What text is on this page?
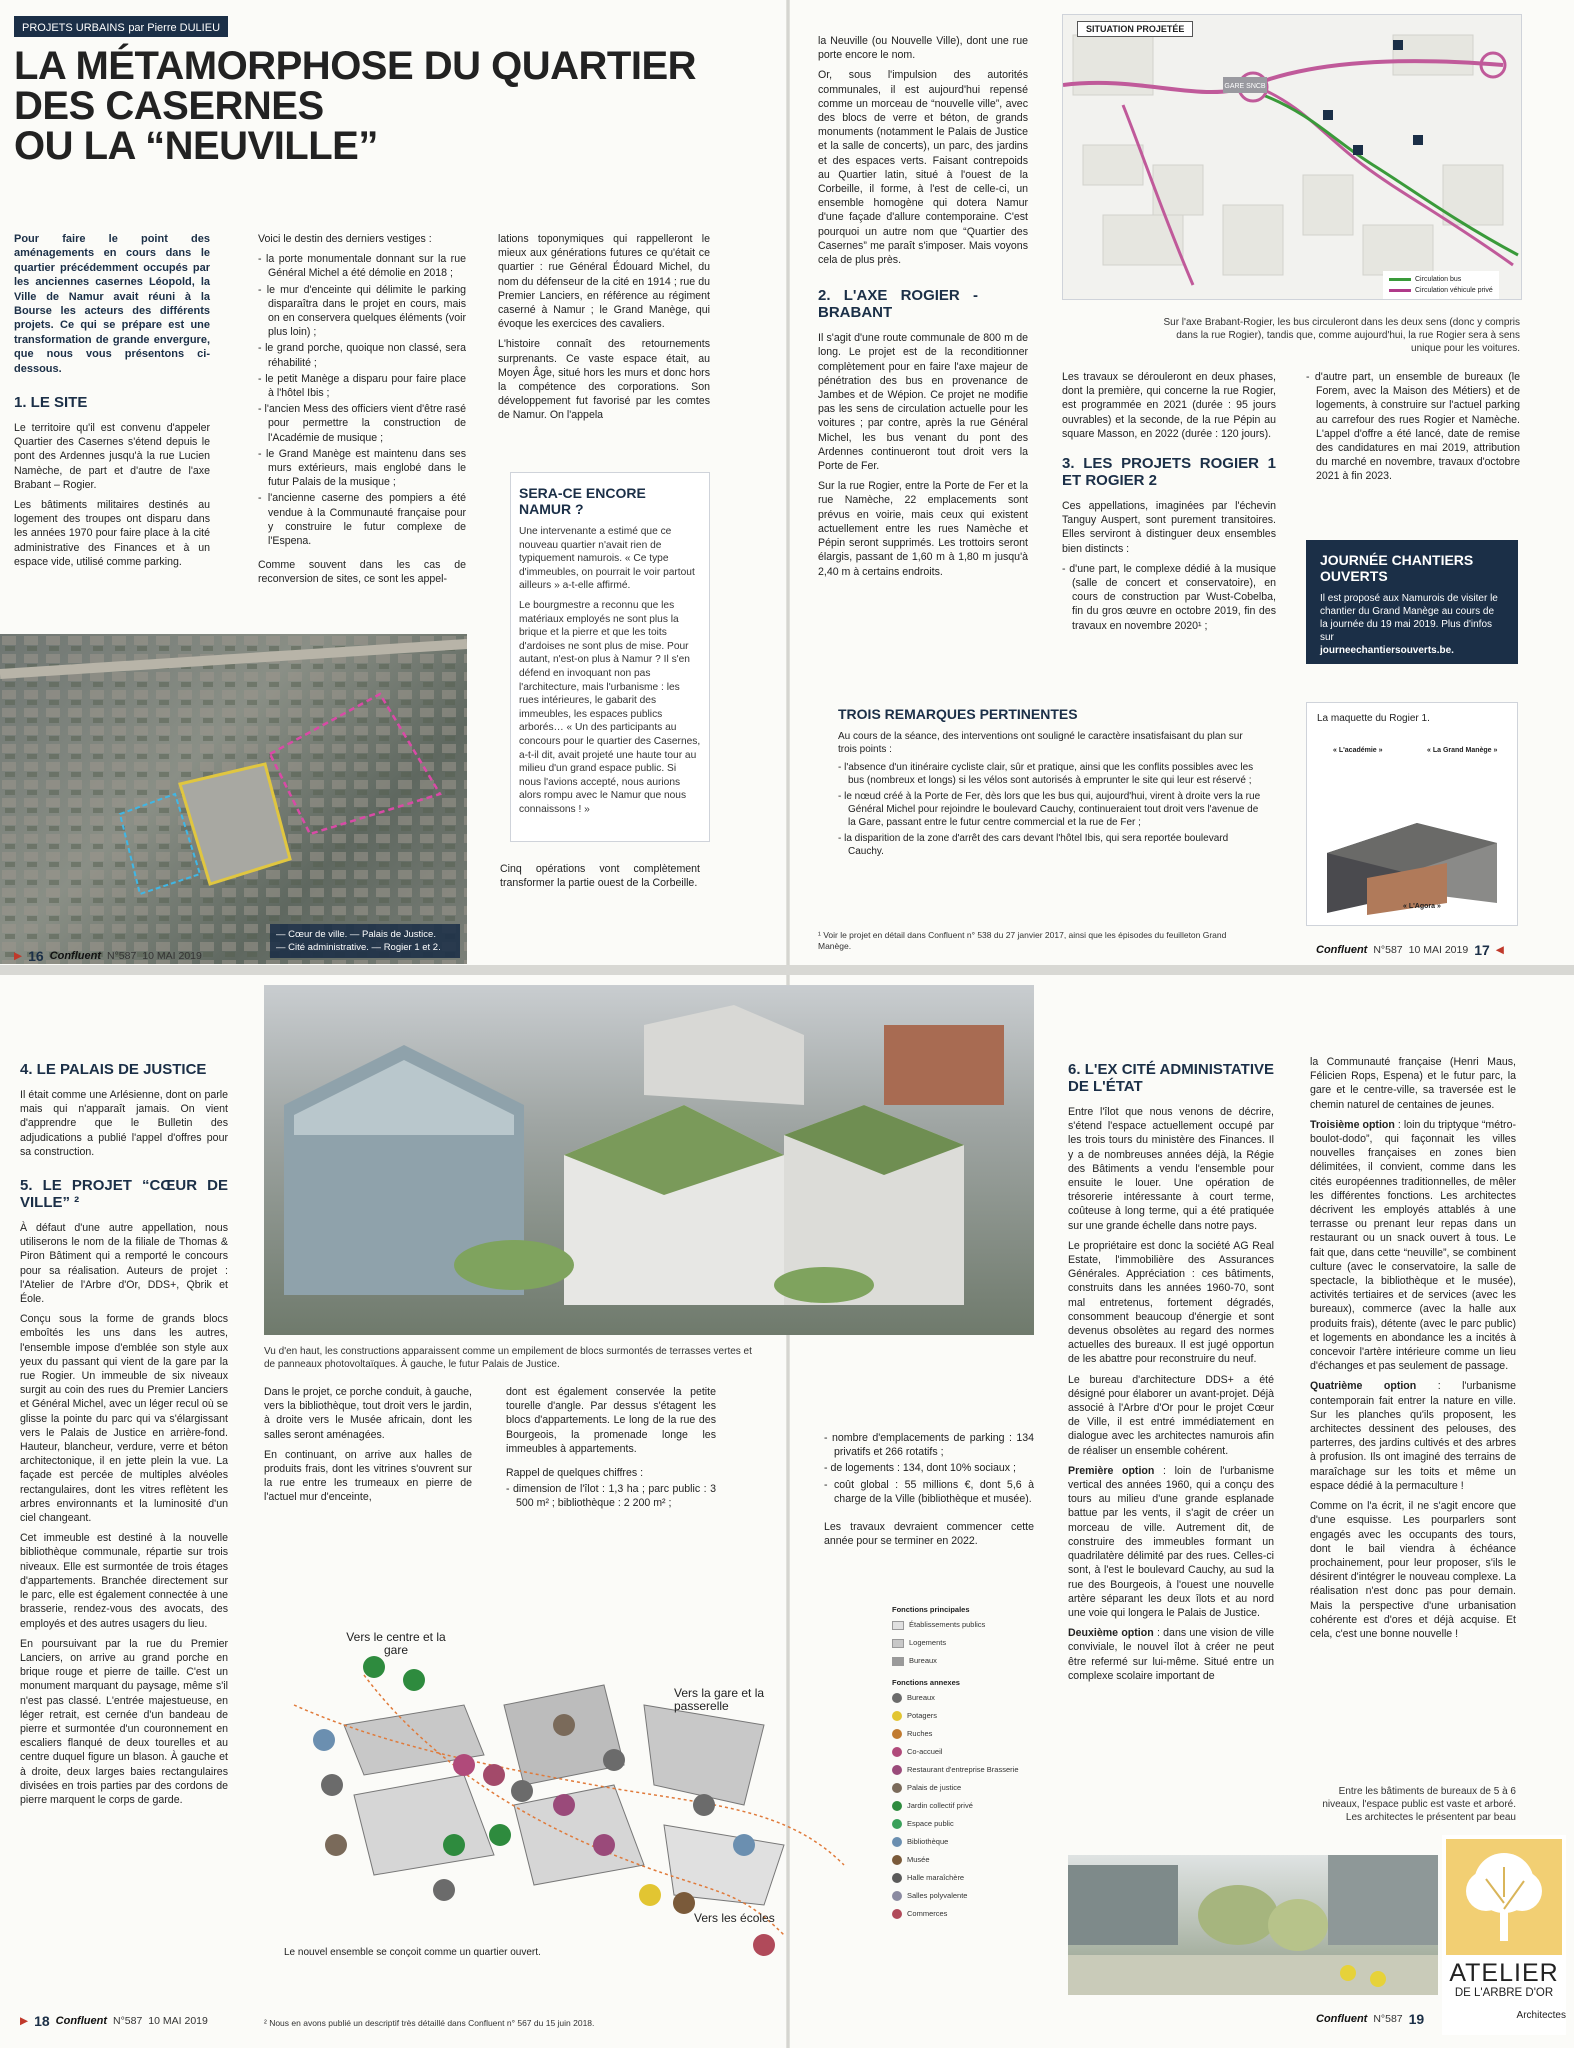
PROJETS URBAINS par Pierre DULIEU
LA MÉTAMORPHOSE DU QUARTIER
DES CASERNES
OU LA “NEUVILLE”

Pour faire le point des aménagements en cours dans le quartier précédemment occupés par les anciennes casernes Léopold, la Ville de Namur avait réuni à la Bourse les acteurs des différents projets. Ce qui se prépare est une transformation de grande envergure, que nous vous présentons ci-dessous.

1. LE SITE

Le territoire qu'il est convenu d'appeler Quartier des Casernes s'étend depuis le pont des Ardennes jusqu'à la rue Lucien Namèche, de part et d'autre de l'axe Brabant – Rogier.

Les bâtiments militaires destinés au logement des troupes ont disparu dans les années 1970 pour faire place à la cité administrative des Finances et à un espace vide, utilisé comme parking.

Voici le destin des derniers vestiges :

- la porte monumentale donnant sur la rue Général Michel a été démolie en 2018 ;
- le mur d'enceinte qui délimite le parking disparaîtra dans le projet en cours, mais on en conservera quelques éléments (voir plus loin) ;
- le grand porche, quoique non classé, sera réhabilité ;
- le petit Manège a disparu pour faire place à l'hôtel Ibis ;
- l'ancien Mess des officiers vient d'être rasé pour permettre la construction de l'Académie de musique ;
- le Grand Manège est maintenu dans ses murs extérieurs, mais englobé dans le futur Palais de la musique ;
- l'ancienne caserne des pompiers a été vendue à la Communauté française pour y construire le futur complexe de l'Espena.

Comme souvent dans les cas de reconversion de sites, ce sont les appel-

lations toponymiques qui rappelleront le mieux aux générations futures ce qu'était ce quartier : rue Général Édouard Michel, du nom du défenseur de la cité en 1914 ; rue du Premier Lanciers, en référence au régiment caserné à Namur ; le Grand Manège, qui évoque les exercices des cavaliers.

L'histoire connaît des retournements surprenants. Ce vaste espace était, au Moyen Âge, situé hors les murs et donc hors la compétence des corporations. Son développement fut favorisé par les comtes de Namur. On l'appela

SERA-CE ENCORE NAMUR ?

Une intervenante a estimé que ce nouveau quartier n'avait rien de typiquement namurois. « Ce type d'immeubles, on pourrait le voir partout ailleurs » a-t-elle affirmé.

Le bourgmestre a reconnu que les matériaux employés ne sont plus la brique et la pierre et que les toits d'ardoises ne sont plus de mise. Pour autant, n'est-on plus à Namur ? Il s'en défend en invoquant non pas l'architecture, mais l'urbanisme : les rues intérieures, le gabarit des immeubles, les espaces publics arborés… « Un des participants au concours pour le quartier des Casernes, a-t-il dit, avait projeté une haute tour au milieu d'un grand espace public. Si nous l'avions accepté, nous aurions alors rompu avec le Namur que nous connaissons ! »

Cinq opérations vont complètement transformer la partie ouest de la Corbeille.

— Cœur de ville. — Palais de Justice.
— Cité administrative. — Rogier 1 et 2.
▶ 16 Confluent N°587 10 MAI 2019

la Neuville (ou Nouvelle Ville), dont une rue porte encore le nom.

Or, sous l'impulsion des autorités communales, il est aujourd'hui repensé comme un morceau de “nouvelle ville”, avec des blocs de verre et béton, de grands monuments (notamment le Palais de Justice et la salle de concerts), un parc, des jardins et des espaces verts. Faisant contrepoids au Quartier latin, situé à l'ouest de la Corbeille, il forme, à l'est de celle-ci, un ensemble homogène qui dotera Namur d'une façade d'allure contemporaine. C'est pourquoi un autre nom que “Quartier des Casernes” me paraît s'imposer. Mais voyons cela de plus près.

2. L'AXE ROGIER - BRABANT

Il s'agit d'une route communale de 800 m de long. Le projet est de la reconditionner complètement pour en faire l'axe majeur de pénétration des bus en provenance de Jambes et de Wépion. Ce projet ne modifie pas les sens de circulation actuelle pour les voitures ; par contre, après la rue Général Michel, les bus venant du pont des Ardennes continueront tout droit vers la Porte de Fer.

Sur la rue Rogier, entre la Porte de Fer et la rue Namèche, 22 emplacements sont prévus en voirie, mais ceux qui existent actuellement entre les rues Namèche et Pépin seront supprimés. Les trottoirs seront élargis, passant de 1,60 m à 1,80 m jusqu'à 2,40 m à certains endroits.

GARE SNCB
SITUATION PROJETÉE
Circulation bus
Circulation véhicule privé
Sur l'axe Brabant-Rogier, les bus circuleront dans les deux sens (donc y compris dans la rue Rogier), tandis que, comme aujourd'hui, la rue Rogier sera à sens unique pour les voitures.

Les travaux se dérouleront en deux phases, dont la première, qui concerne la rue Rogier, est programmée en 2021 (durée : 95 jours ouvrables) et la seconde, de la rue Pépin au square Masson, en 2022 (durée : 120 jours).

3. LES PROJETS ROGIER 1 ET ROGIER 2

Ces appellations, imaginées par l'échevin Tanguy Auspert, sont purement transitoires. Elles serviront à distinguer deux ensembles bien distincts :

- d'une part, le complexe dédié à la musique (salle de concert et conservatoire), en cours de construction par Wust-Cobelba, fin du gros œuvre en octobre 2019, fin des travaux en novembre 2020¹ ;
- d'autre part, un ensemble de bureaux (le Forem, avec la Maison des Métiers) et de logements, à construire sur l'actuel parking au carrefour des rues Rogier et Namèche. L'appel d'offre a été lancé, date de remise des candidatures en mai 2019, attribution du marché en novembre, travaux d'octobre 2021 à fin 2023.
JOURNÉE CHANTIERS OUVERTS
Il est proposé aux Namurois de visiter le chantier du Grand Manège au cours de la journée du 19 mai 2019. Plus d'infos sur
journeechantiersouverts.be.
TROIS REMARQUES PERTINENTES

Au cours de la séance, des interventions ont souligné le caractère insatisfaisant du plan sur trois points :

- l'absence d'un itinéraire cycliste clair, sûr et pratique, ainsi que les conflits possibles avec les bus (nombreux et longs) si les vélos sont autorisés à emprunter le site qui leur est réservé ;
- le nœud créé à la Porte de Fer, dès lors que les bus qui, aujourd'hui, virent à droite vers la rue Général Michel pour rejoindre le boulevard Cauchy, continueraient tout droit vers l'avenue de la Gare, passant entre le futur centre commercial et la rue de Fer ;
- la disparition de la zone d'arrêt des cars devant l'hôtel Ibis, qui sera reportée boulevard Cauchy.
La maquette du Rogier 1.
« L'académie »	« La Grand Manège »
« L'Agora »
¹ Voir le projet en détail dans Confluent n° 538 du 27 janvier 2017, ainsi que les épisodes du feuilleton Grand Manège.	Confluent N°587 10 MAI 2019 17 ◀
4. LE PALAIS DE JUSTICE

Il était comme une Arlésienne, dont on parle mais qui n'apparaît jamais. On vient d'apprendre que le Bulletin des adjudications a publié l'appel d'offres pour sa construction.

5. LE PROJET “CŒUR DE VILLE” ²

À défaut d'une autre appellation, nous utiliserons le nom de la filiale de Thomas & Piron Bâtiment qui a remporté le concours pour sa réalisation. Auteurs de projet : l'Atelier de l'Arbre d'Or, DDS+, Qbrik et Éole.

Conçu sous la forme de grands blocs emboîtés les uns dans les autres, l'ensemble impose d'emblée son style aux yeux du passant qui vient de la gare par la rue Rogier. Un immeuble de six niveaux surgit au coin des rues du Premier Lanciers et Général Michel, avec un léger recul où se glisse la pointe du parc qui va s'élargissant vers le Palais de Justice en arrière-fond. Hauteur, blancheur, verdure, verre et béton architectonique, il en jette plein la vue. La façade est percée de multiples alvéoles rectangulaires, dont les vitres reflètent les arbres environnants et la luminosité d'un ciel changeant.

Cet immeuble est destiné à la nouvelle bibliothèque communale, répartie sur trois niveaux. Elle est surmontée de trois étages d'appartements. Branchée directement sur le parc, elle est également connectée à une brasserie, rendez-vous des avocats, des employés et des autres usagers du lieu.

En poursuivant par la rue du Premier Lanciers, on arrive au grand porche en brique rouge et pierre de taille. C'est un monument marquant du paysage, même s'il n'est pas classé. L'entrée majestueuse, en léger retrait, est cernée d'un bandeau de pierre et surmontée d'un couronnement en escaliers flanqué de deux tourelles et au centre duquel figure un blason. À gauche et à droite, deux larges baies rectangulaires divisées en trois parties par des cordons de pierre marquent le corps de garde.

Vu d'en haut, les constructions apparaissent comme un empilement de blocs surmontés de terrasses vertes et de panneaux photovoltaïques. À gauche, le futur Palais de Justice.

Dans le projet, ce porche conduit, à gauche, vers la bibliothèque, tout droit vers le jardin, à droite vers le Musée africain, dont les salles seront aménagées.

En continuant, on arrive aux halles de produits frais, dont les vitrines s'ouvrent sur la rue entre les trumeaux en pierre de l'actuel mur d'enceinte,

dont est également conservée la petite tourelle d'angle. Par dessus s'étagent les blocs d'appartements. Le long de la rue des Bourgeois, la promenade longe les immeubles à appartements.

Rappel de quelques chiffres :

- dimension de l'îlot : 1,3 ha ; parc public : 3 500 m² ; bibliothèque : 2 200 m² ;
- nombre d'emplacements de parking : 134 privatifs et 266 rotatifs ;
- de logements : 134, dont 10% sociaux ;
- coût global : 55 millions €, dont 5,6 à charge de la Ville (bibliothèque et musée).

Les travaux devraient commencer cette année pour se terminer en 2022.

Vers le centre et la gare
Vers la gare et la passerelle
Vers les écoles
Le nouvel ensemble se conçoit comme un quartier ouvert.
Fonctions principales
Établissements publics
Logements
Bureaux
Fonctions annexes
Bureaux
Potagers
Ruches
Co-accueil
Restaurant d'entreprise Brasserie
Palais de justice
Jardin collectif privé
Espace public
Bibliothèque
Musée
Halle maraîchère
Salles polyvalente
Commerces
² Nous en avons publié un descriptif très détaillé dans Confluent n° 567 du 15 juin 2018.
▶ 18 Confluent N°587 10 MAI 2019
6. L'EX CITÉ ADMINISTATIVE DE L'ÉTAT

Entre l'îlot que nous venons de décrire, s'étend l'espace actuellement occupé par les trois tours du ministère des Finances. Il y a de nombreuses années déjà, la Régie des Bâtiments a vendu l'ensemble pour ensuite le louer. Une opération de trésorerie intéressante à court terme, coûteuse à long terme, qui a été pratiquée sur une grande échelle dans notre pays.

Le propriétaire est donc la société AG Real Estate, l'immobilière des Assurances Générales. Appréciation : ces bâtiments, construits dans les années 1960-70, sont mal entretenus, fortement dégradés, consomment beaucoup d'énergie et sont devenus obsolètes au regard des normes actuelles des bureaux. Il est jugé opportun de les abattre pour reconstruire du neuf.

Le bureau d'architecture DDS+ a été désigné pour élaborer un avant-projet. Déjà associé à l'Arbre d'Or pour le projet Cœur de Ville, il est entré immédiatement en dialogue avec les architectes namurois afin de réaliser un ensemble cohérent.

Première option : loin de l'urbanisme vertical des années 1960, qui a conçu des tours au milieu d'une grande esplanade battue par les vents, il s'agit de créer un morceau de ville. Autrement dit, de construire des immeubles formant un quadrilatère délimité par des rues. Celles-ci sont, à l'est le boulevard Cauchy, au sud la rue des Bourgeois, à l'ouest une nouvelle artère séparant les deux îlots et au nord une voie qui longera le Palais de Justice.

Deuxième option : dans une vision de ville conviviale, le nouvel îlot à créer ne peut être refermé sur lui-même. Situé entre un complexe scolaire important de

la Communauté française (Henri Maus, Félicien Rops, Espena) et le futur parc, la gare et le centre-ville, sa traversée est le chemin naturel de centaines de jeunes.

Troisième option : loin du triptyque “métro-boulot-dodo”, qui façonnait les villes nouvelles françaises en zones bien délimitées, il convient, comme dans les cités européennes traditionnelles, de mêler les différentes fonctions. Les architectes décrivent les employés attablés à une terrasse ou prenant leur repas dans un restaurant ou un snack ouvert à tous. Le fait que, dans cette “neuville”, se combinent culture (avec le conservatoire, la salle de spectacle, la bibliothèque et le musée), activités tertiaires et de services (avec les bureaux), commerce (avec la halle aux produits frais), détente (avec le parc public) et logements en abondance les a incités à concevoir l'artère intérieure comme un lieu d'échanges et pas seulement de passage.

Quatrième option : l'urbanisme contemporain fait entrer la nature en ville. Sur les planches qu'ils proposent, les architectes dessinent des pelouses, des parterres, des jardins cultivés et des arbres à profusion. Ils ont imaginé des terrains de maraîchage sur les toits et même un espace dédié à la permaculture !

Comme on l'a écrit, il ne s'agit encore que d'une esquisse. Les pourparlers sont engagés avec les occupants des tours, dont le bail viendra à échéance prochainement, pour leur proposer, s'ils le désirent d'intégrer le nouveau complexe. La réalisation n'est donc pas pour demain. Mais la perspective d'une urbanisation cohérente est d'ores et déjà acquise. Et cela, c'est une bonne nouvelle !

Entre les bâtiments de bureaux de 5 à 6 niveaux, l'espace public est vaste et arboré. Les architectes le présentent par beau
ATELIER
DE L'ARBRE D'OR
Architectes
Confluent N°587 19
